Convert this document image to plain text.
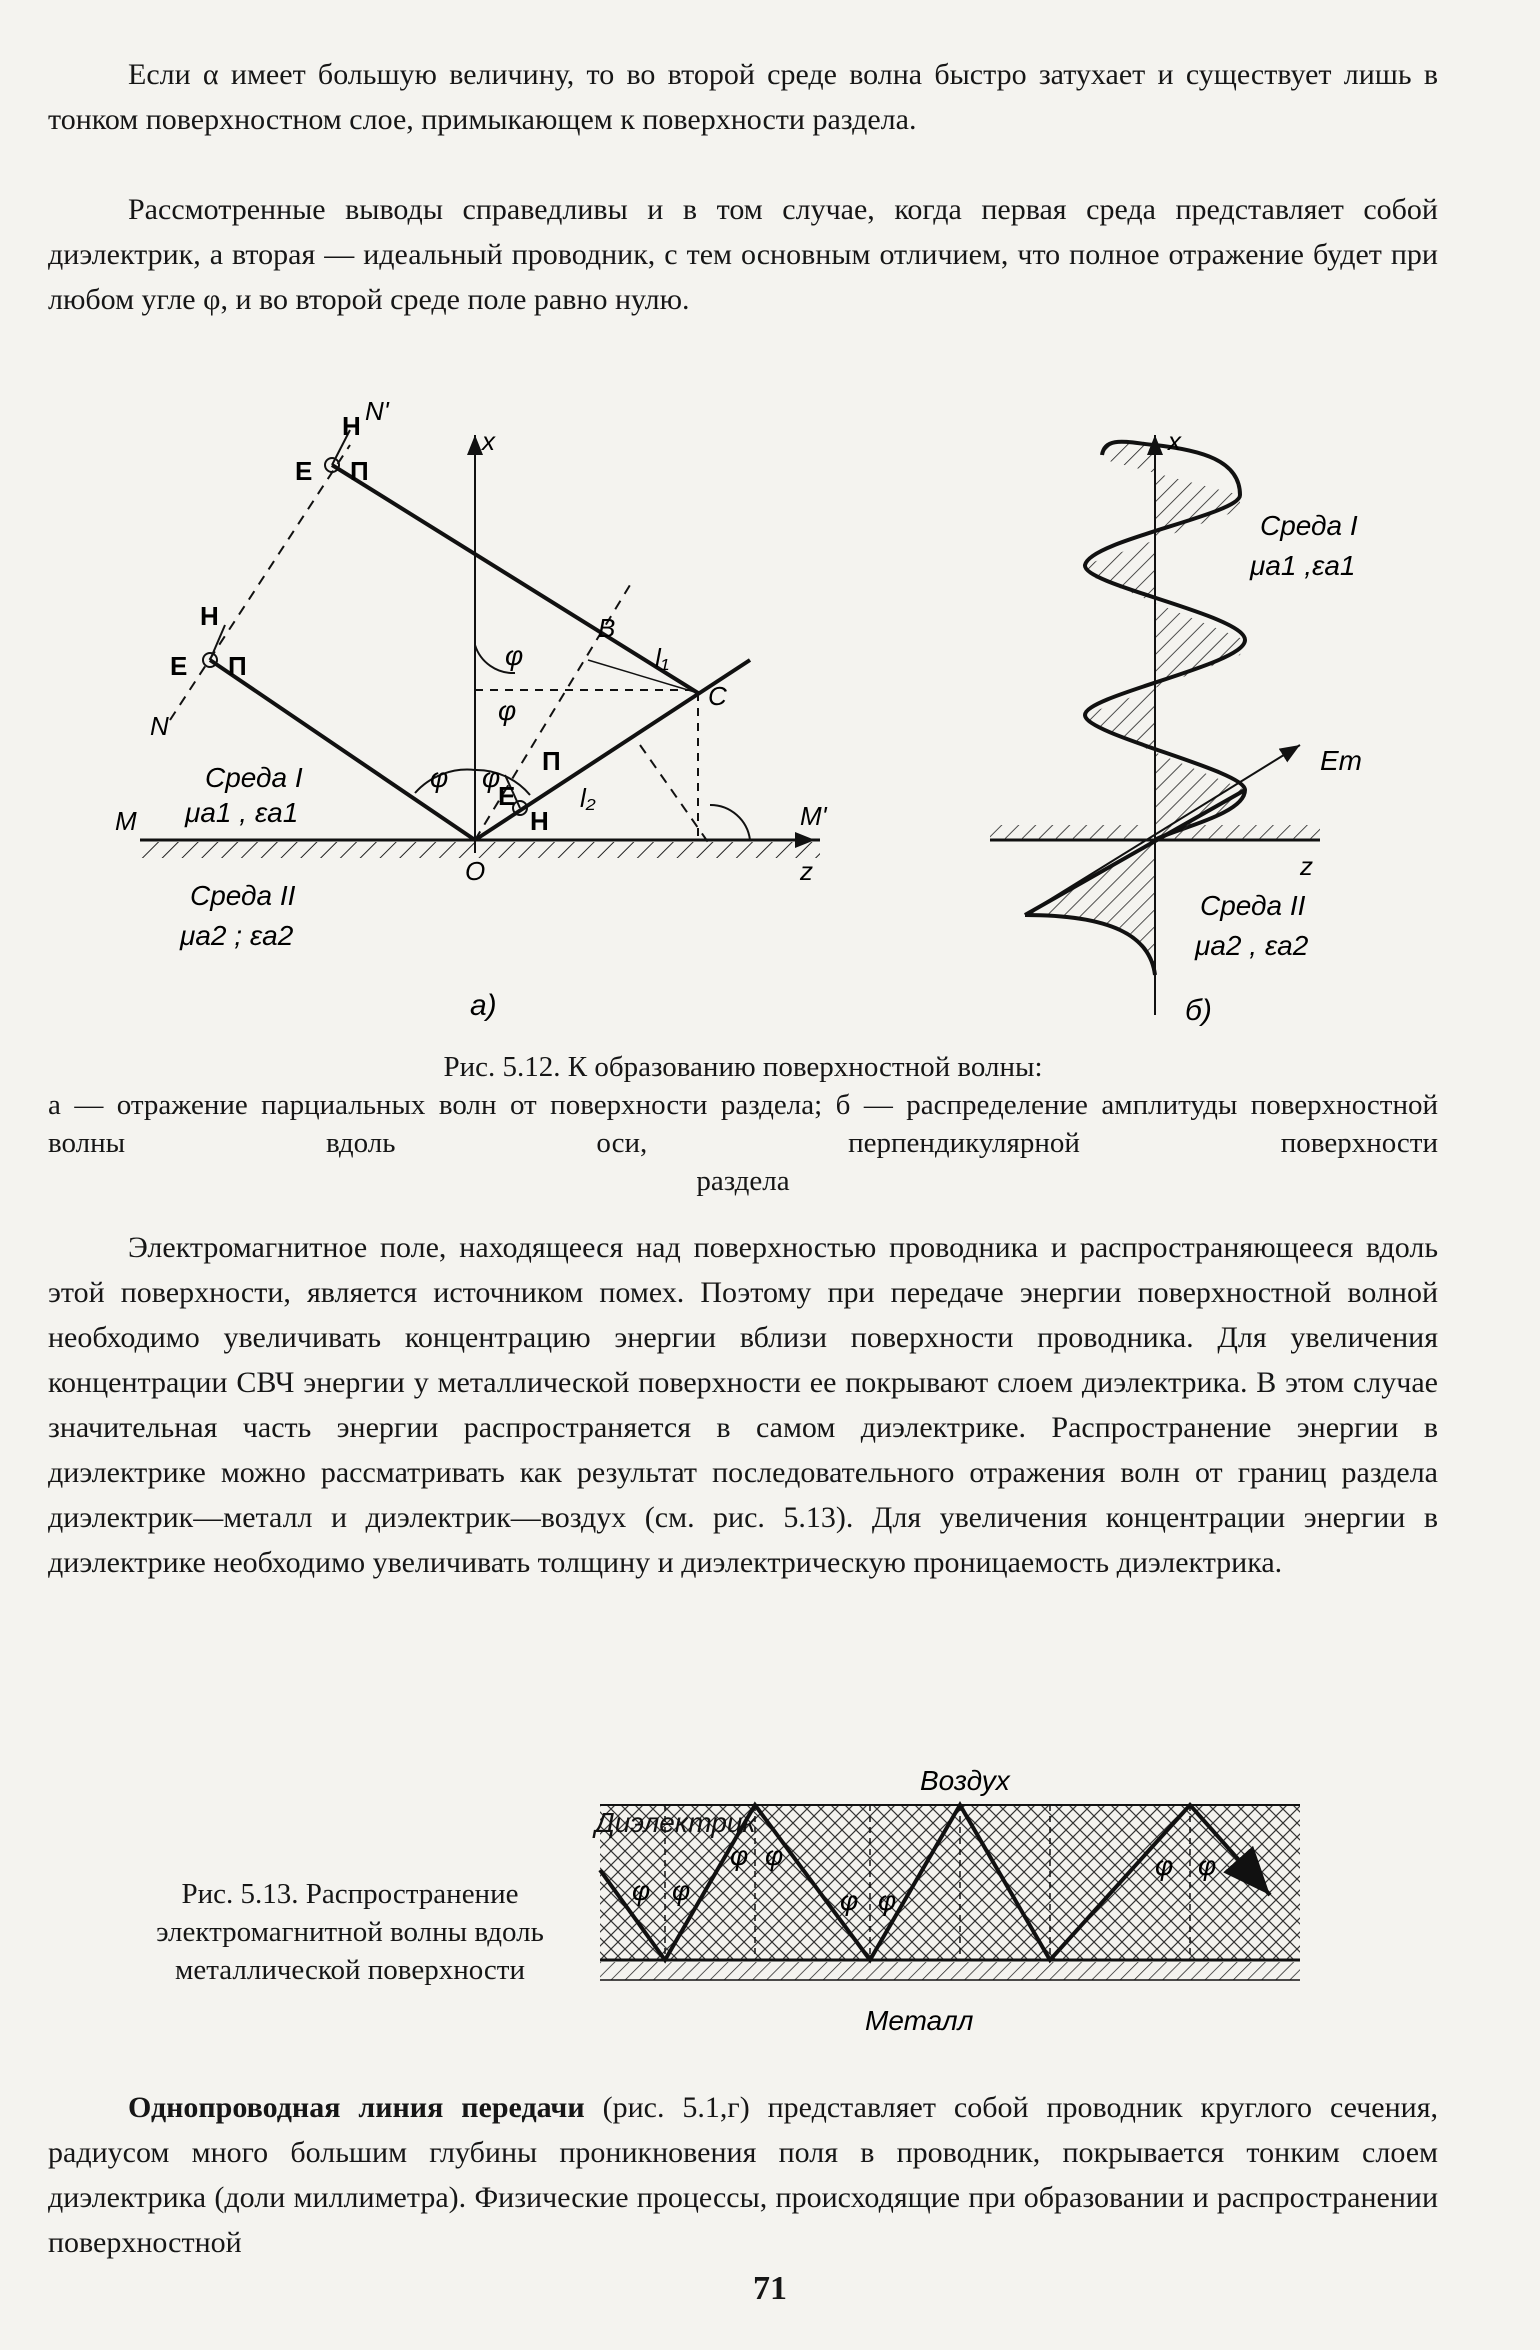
Если α имеет большую величину, то во второй среде волна быстро затухает и существует лишь в тонком поверхностном слое, примыкающем к поверхности раздела.

Рассмотренные выводы справедливы и в том случае, когда первая среда представляет собой диэлектрик, а вторая — идеальный проводник, с тем основным отличием, что полное отражение будет при любом угле φ, и во второй среде поле равно нулю.

N'
H
E П
H
E П
N
x
B
l₁
C
φ
φ
φ φ
E
П
H
l₂
O	z
M	M'
Среда I
μa1 , εa1
Среда II
μa2 ; εa2
а)
x
Среда I
μa1 ,εa1
Em
z
Среда II
μa2 , εa2
б)
Рис. 5.12. К образованию поверхностной волны:
а — отражение парциальных волн от поверхности раздела; б — распределение амплитуды поверхностной волны вдоль оси, перпендикулярной поверхности
раздела

Электромагнитное поле, находящееся над поверхностью проводника и распространяющееся вдоль этой поверхности, является источником помех. Поэтому при передаче энергии поверхностной волной необходимо увеличивать концентрацию энергии вблизи поверхности проводника. Для увеличения концентрации СВЧ энергии у металлической поверхности ее покрывают слоем диэлектрика. В этом случае значительная часть энергии распространяется в самом диэлектрике. Распространение энергии в диэлектрике можно рассматривать как результат последовательного отражения волн от границ раздела диэлектрик—металл и диэлектрик—воздух (см. рис. 5.13). Для увеличения концентрации энергии в диэлектрике необходимо увеличивать толщину и диэлектрическую проницаемость диэлектрика.

Рис. 5.13. Распространение электромагнитной волны вдоль металлической поверхности
Воздух
Диэлектрик
φ φ
φ φ
φ φ
φ φ
Металл

Однопроводная линия передачи (рис. 5.1,г) представляет собой проводник круглого сечения, радиусом много большим глубины проникновения поля в проводник, покрывается тонким слоем диэлектрика (доли миллиметра). Физические процессы, происходящие при образовании и распространении поверхностной

71
